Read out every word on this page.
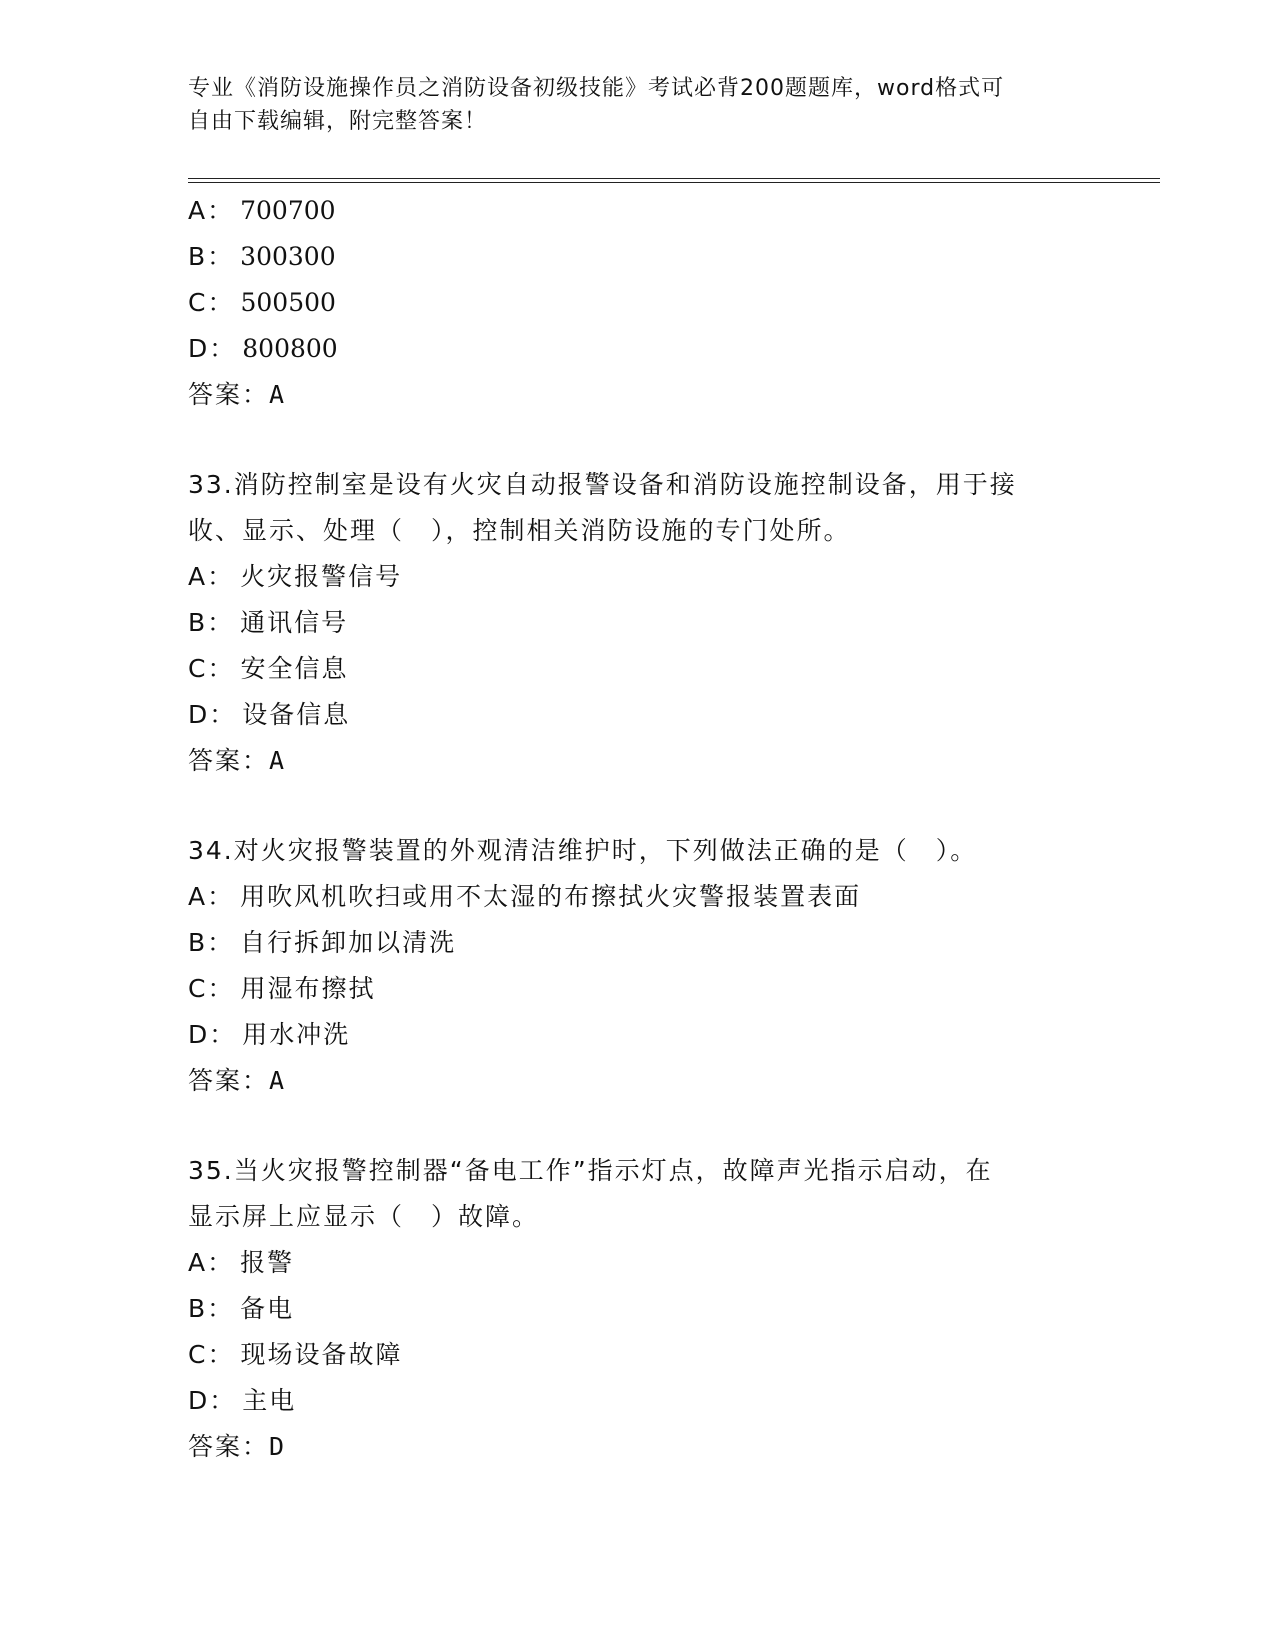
专业《消防设施操作员之消防设备初级技能》考试必背200题题库，word格式可
自由下载编辑，附完整答案！
A： 700700
B： 300300
C： 500500
D： 800800
答案：A
33.消防控制室是设有火灾自动报警设备和消防设施控制设备，用于接
收、显示、处理（　），控制相关消防设施的专门处所。
A： 火灾报警信号
B： 通讯信号
C： 安全信息
D： 设备信息
答案：A
34.对火灾报警装置的外观清洁维护时，下列做法正确的是（　）。
A： 用吹风机吹扫或用不太湿的布擦拭火灾警报装置表面
B： 自行拆卸加以清洗
C： 用湿布擦拭
D： 用水冲洗
答案：A
35.当火灾报警控制器“备电工作”指示灯点，故障声光指示启动，在
显示屏上应显示（　）故障。
A： 报警
B： 备电
C： 现场设备故障
D： 主电
答案：D
